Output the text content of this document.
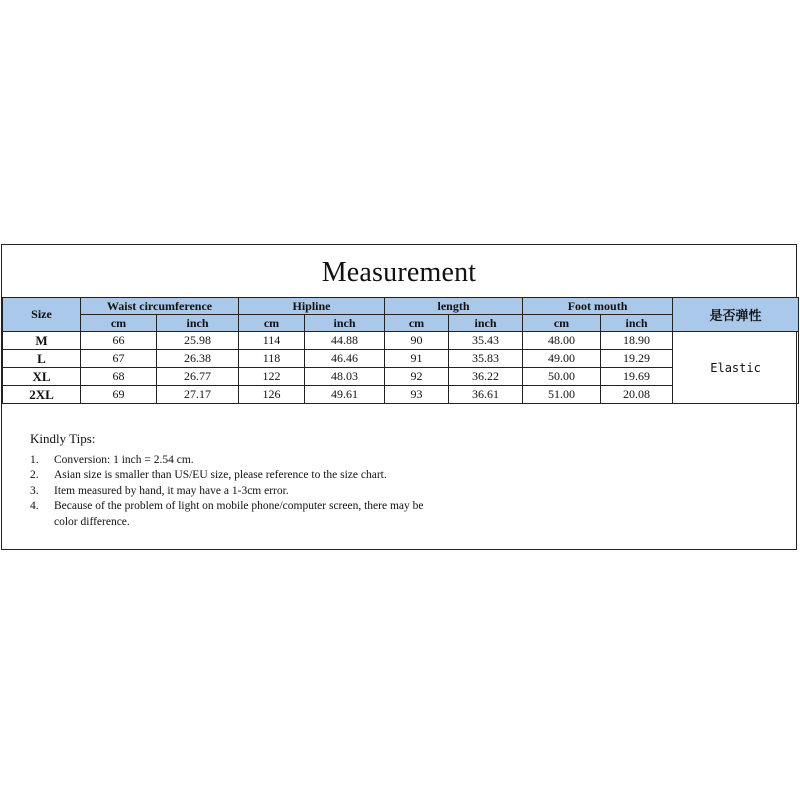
Measurement
Size	Waist circumference		Hipline		length		Foot mouth		是否弹性
	cm	inch	cm	inch	cm	inch	cm	inch	
M	66	25.98	114	44.88	90	35.43	48.00	18.90	Elastic
L	67	26.38	118	46.46	91	35.83	49.00	19.29	
XL	68	26.77	122	48.03	92	36.22	50.00	19.69	
2XL	69	27.17	126	49.61	93	36.61	51.00	20.08	
Kindly Tips:
1.	Conversion: 1 inch = 2.54 cm.
2.	Asian size is smaller than US/EU size, please reference to the size chart.
3.	Item measured by hand, it may have a 1-3cm error.
4.	Because of the problem of light on mobile phone/computer screen, there may be
color difference.
